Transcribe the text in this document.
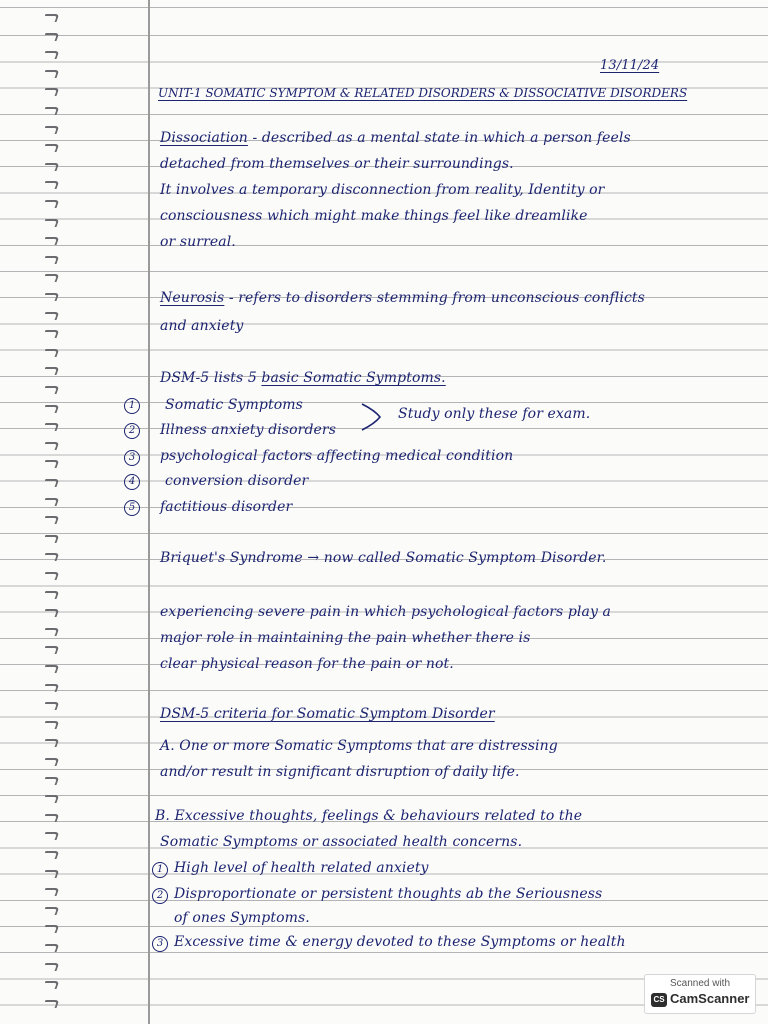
13/11/24

UNIT-1 SOMATIC SYMPTOM & RELATED DISORDERS & DISSOCIATIVE DISORDERS

Dissociation - described as a mental state in which a person feels

detached from themselves or their surroundings.

It involves a temporary disconnection from reality, Identity or

consciousness which might make things feel like dreamlike

or surreal.

Neurosis - refers to disorders stemming from unconscious conflicts

and anxiety

DSM-5 lists 5 basic Somatic Symptoms.

1	Somatic Symptoms

2	Illness anxiety disorders

3	psychological factors affecting medical condition

4	conversion disorder

5	factitious disorder

Study only these for exam.

Briquet's Syndrome → now called Somatic Symptom Disorder.

experiencing severe pain in which psychological factors play a

major role in maintaining the pain whether there is

clear physical reason for the pain or not.

DSM-5 criteria for Somatic Symptom Disorder

A. One or more Somatic Symptoms that are distressing

and/or result in significant disruption of daily life.

B. Excessive thoughts, feelings & behaviours related to the

Somatic Symptoms or associated health concerns.

1 High level of health related anxiety

2 Disproportionate or persistent thoughts ab the Seriousness

of ones Symptoms.

3 Excessive time & energy devoted to these Symptoms or health

Scanned with
CS CamScanner
